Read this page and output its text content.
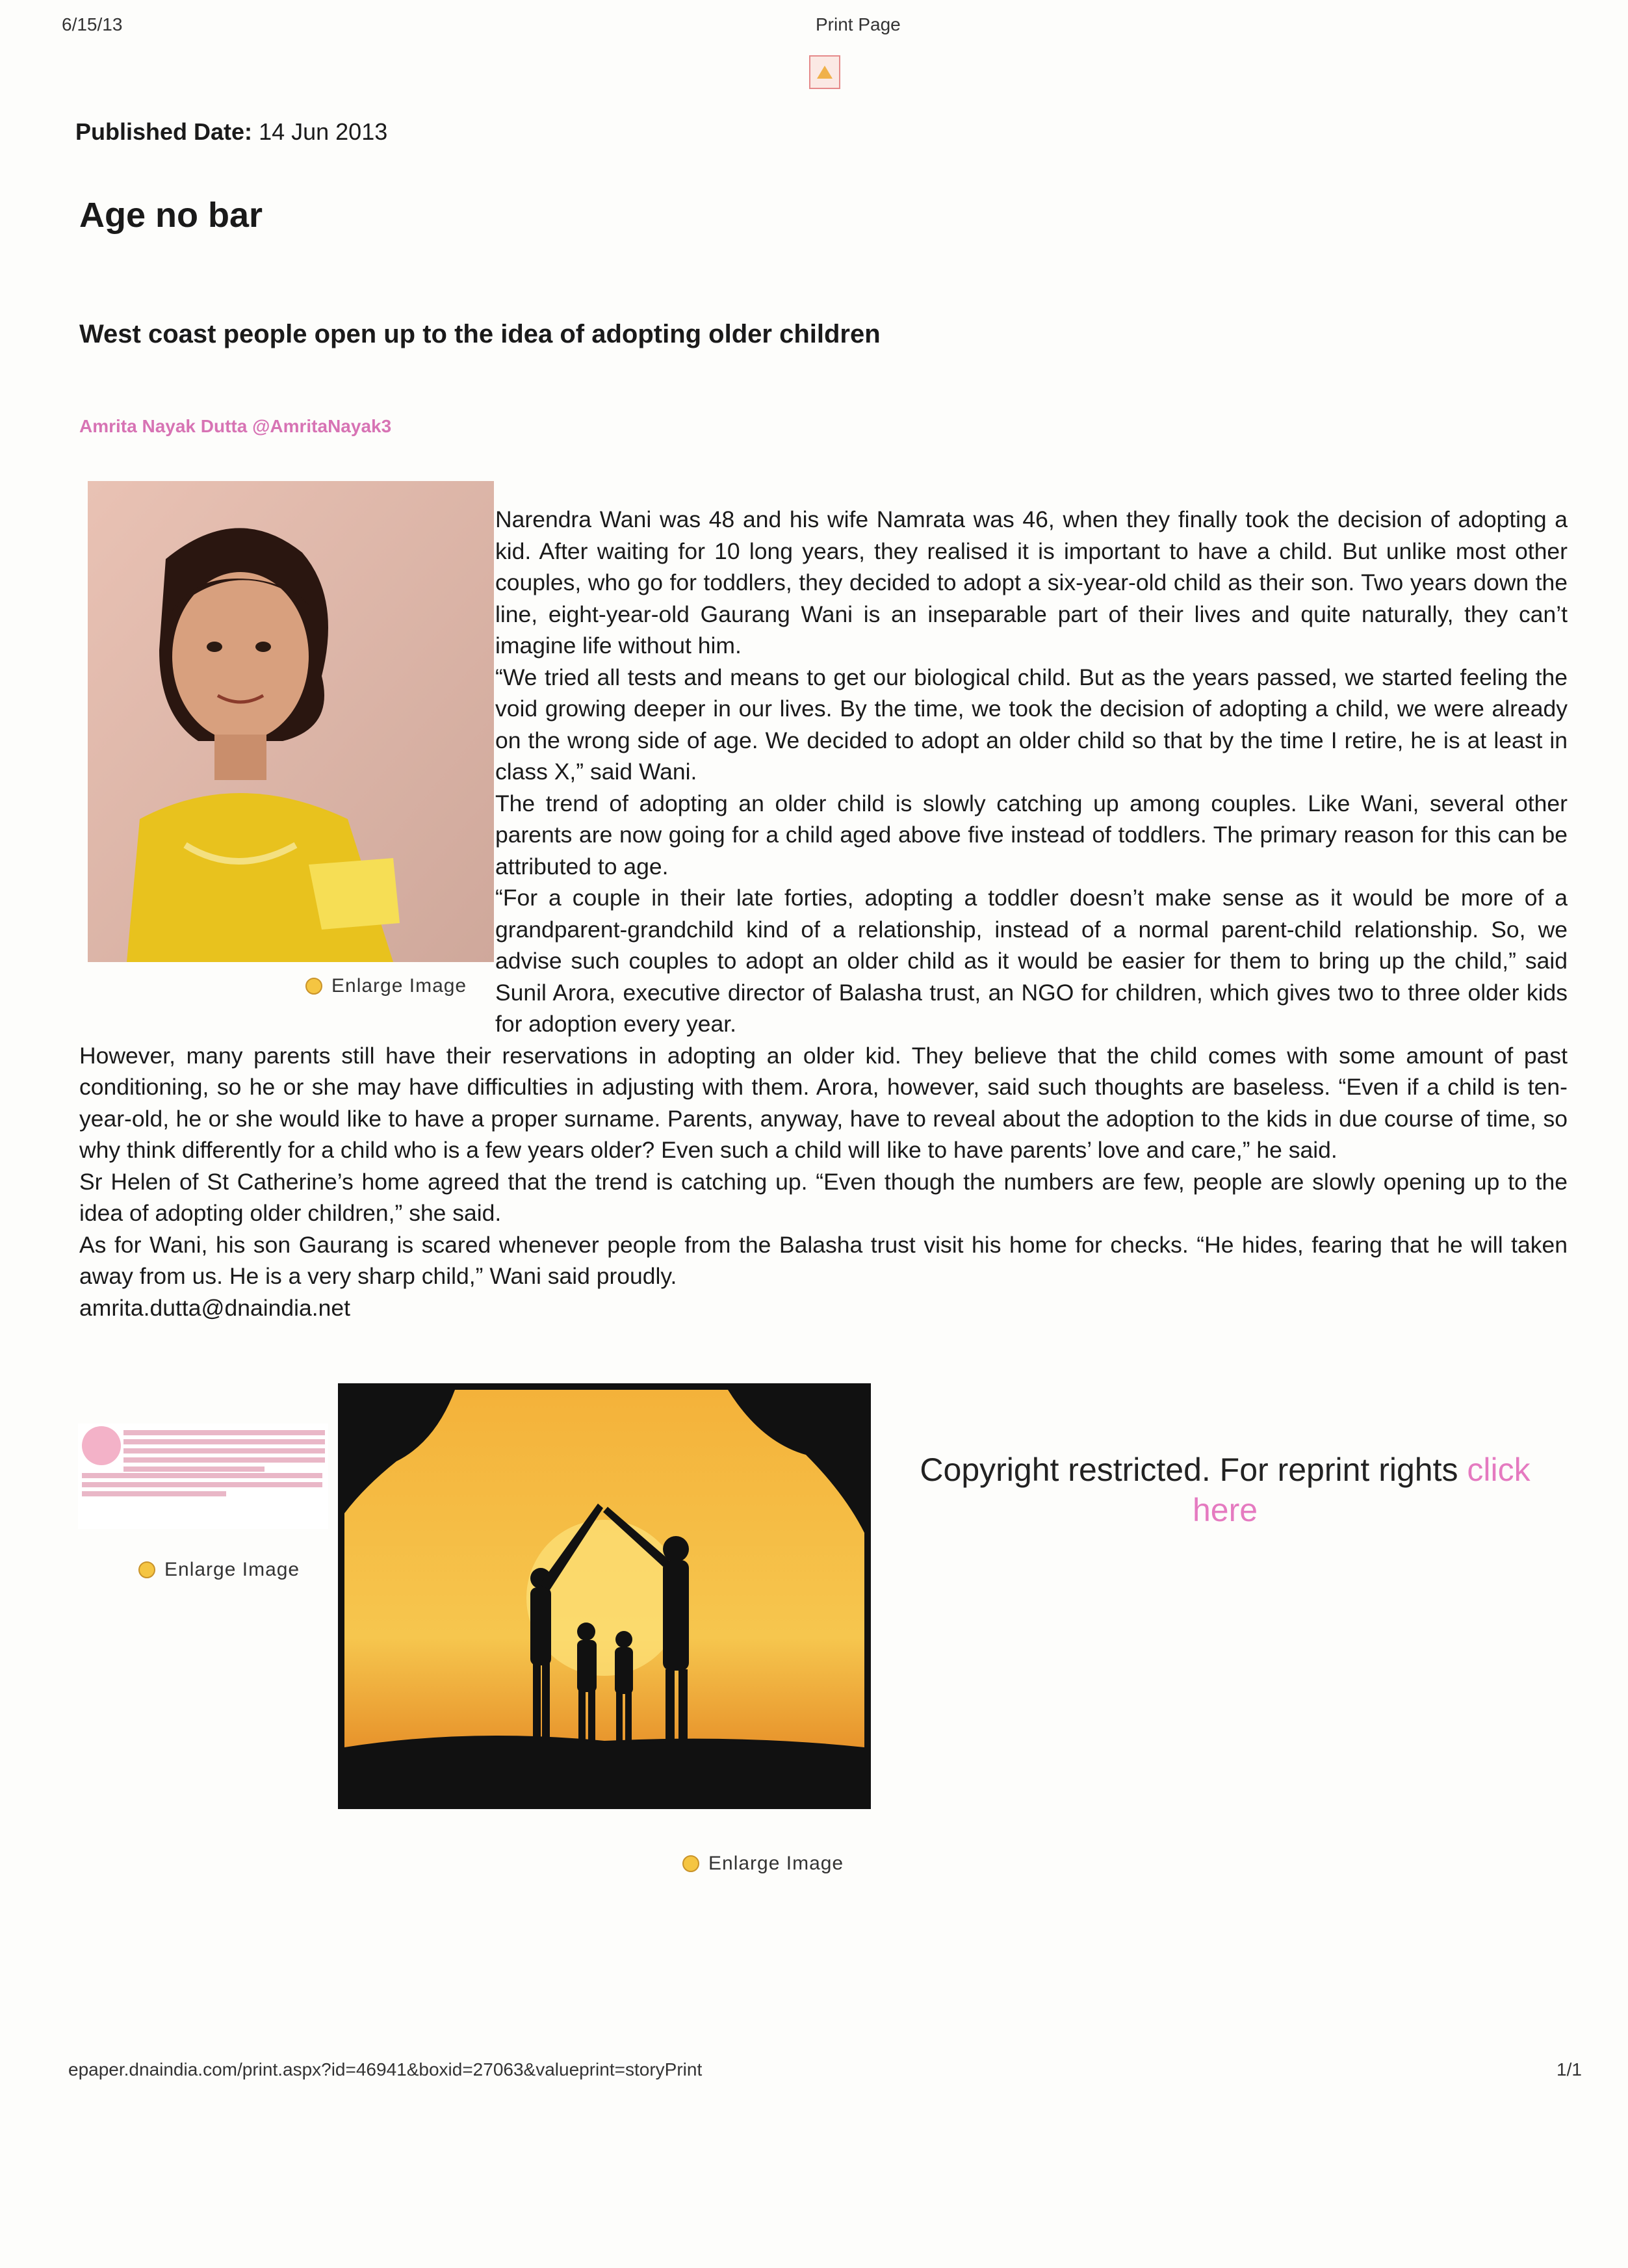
6/15/13	Print Page
Published Date: 14 Jun 2013
Age no bar
West coast people open up to the idea of adopting older children
Amrita Nayak Dutta @AmritaNayak3
Enlarge Image

Narendra Wani was 48 and his wife Namrata was 46, when they finally took the decision of adopting a kid. After waiting for 10 long years, they realised it is important to have a child. But unlike most other couples, who go for toddlers, they decided to adopt a six-year-old child as their son. Two years down the line, eight-year-old Gaurang Wani is an inseparable part of their lives and quite naturally, they can’t imagine life without him.

“We tried all tests and means to get our biological child. But as the years passed, we started feeling the void growing deeper in our lives. By the time, we took the decision of adopting a child, we were already on the wrong side of age. We decided to adopt an older child so that by the time I retire, he is at least in class X,” said Wani.

The trend of adopting an older child is slowly catching up among couples. Like Wani, several other parents are now going for a child aged above five instead of toddlers. The primary reason for this can be attributed to age.

“For a couple in their late forties, adopting a toddler doesn’t make sense as it would be more of a grandparent-grandchild kind of a relationship, instead of a normal parent-child relationship. So, we advise such couples to adopt an older child as it would be easier for them to bring up the child,” said Sunil Arora, executive director of Balasha trust, an NGO for children, which gives two to three older kids for adoption every year.

However, many parents still have their reservations in adopting an older kid. They believe that the child comes with some amount of past conditioning, so he or she may have difficulties in adjusting with them. Arora, however, said such thoughts are baseless. “Even if a child is ten-year-old, he or she would like to have a proper surname. Parents, anyway, have to reveal about the adoption to the kids in due course of time, so why think differently for a child who is a few years older? Even such a child will like to have parents’ love and care,” he said.

Sr Helen of St Catherine’s home agreed that the trend is catching up. “Even though the numbers are few, people are slowly opening up to the idea of adopting older children,” she said.

As for Wani, his son Gaurang is scared whenever people from the Balasha trust visit his home for checks. “He hides, fearing that he will taken away from us. He is a very sharp child,” Wani said proudly.

amrita.dutta@dnaindia.net
Enlarge Image
Enlarge Image
Copyright restricted. For reprint rights click here
epaper.dnaindia.com/print.aspx?id=46941&boxid=27063&valueprint=storyPrint	1/1
